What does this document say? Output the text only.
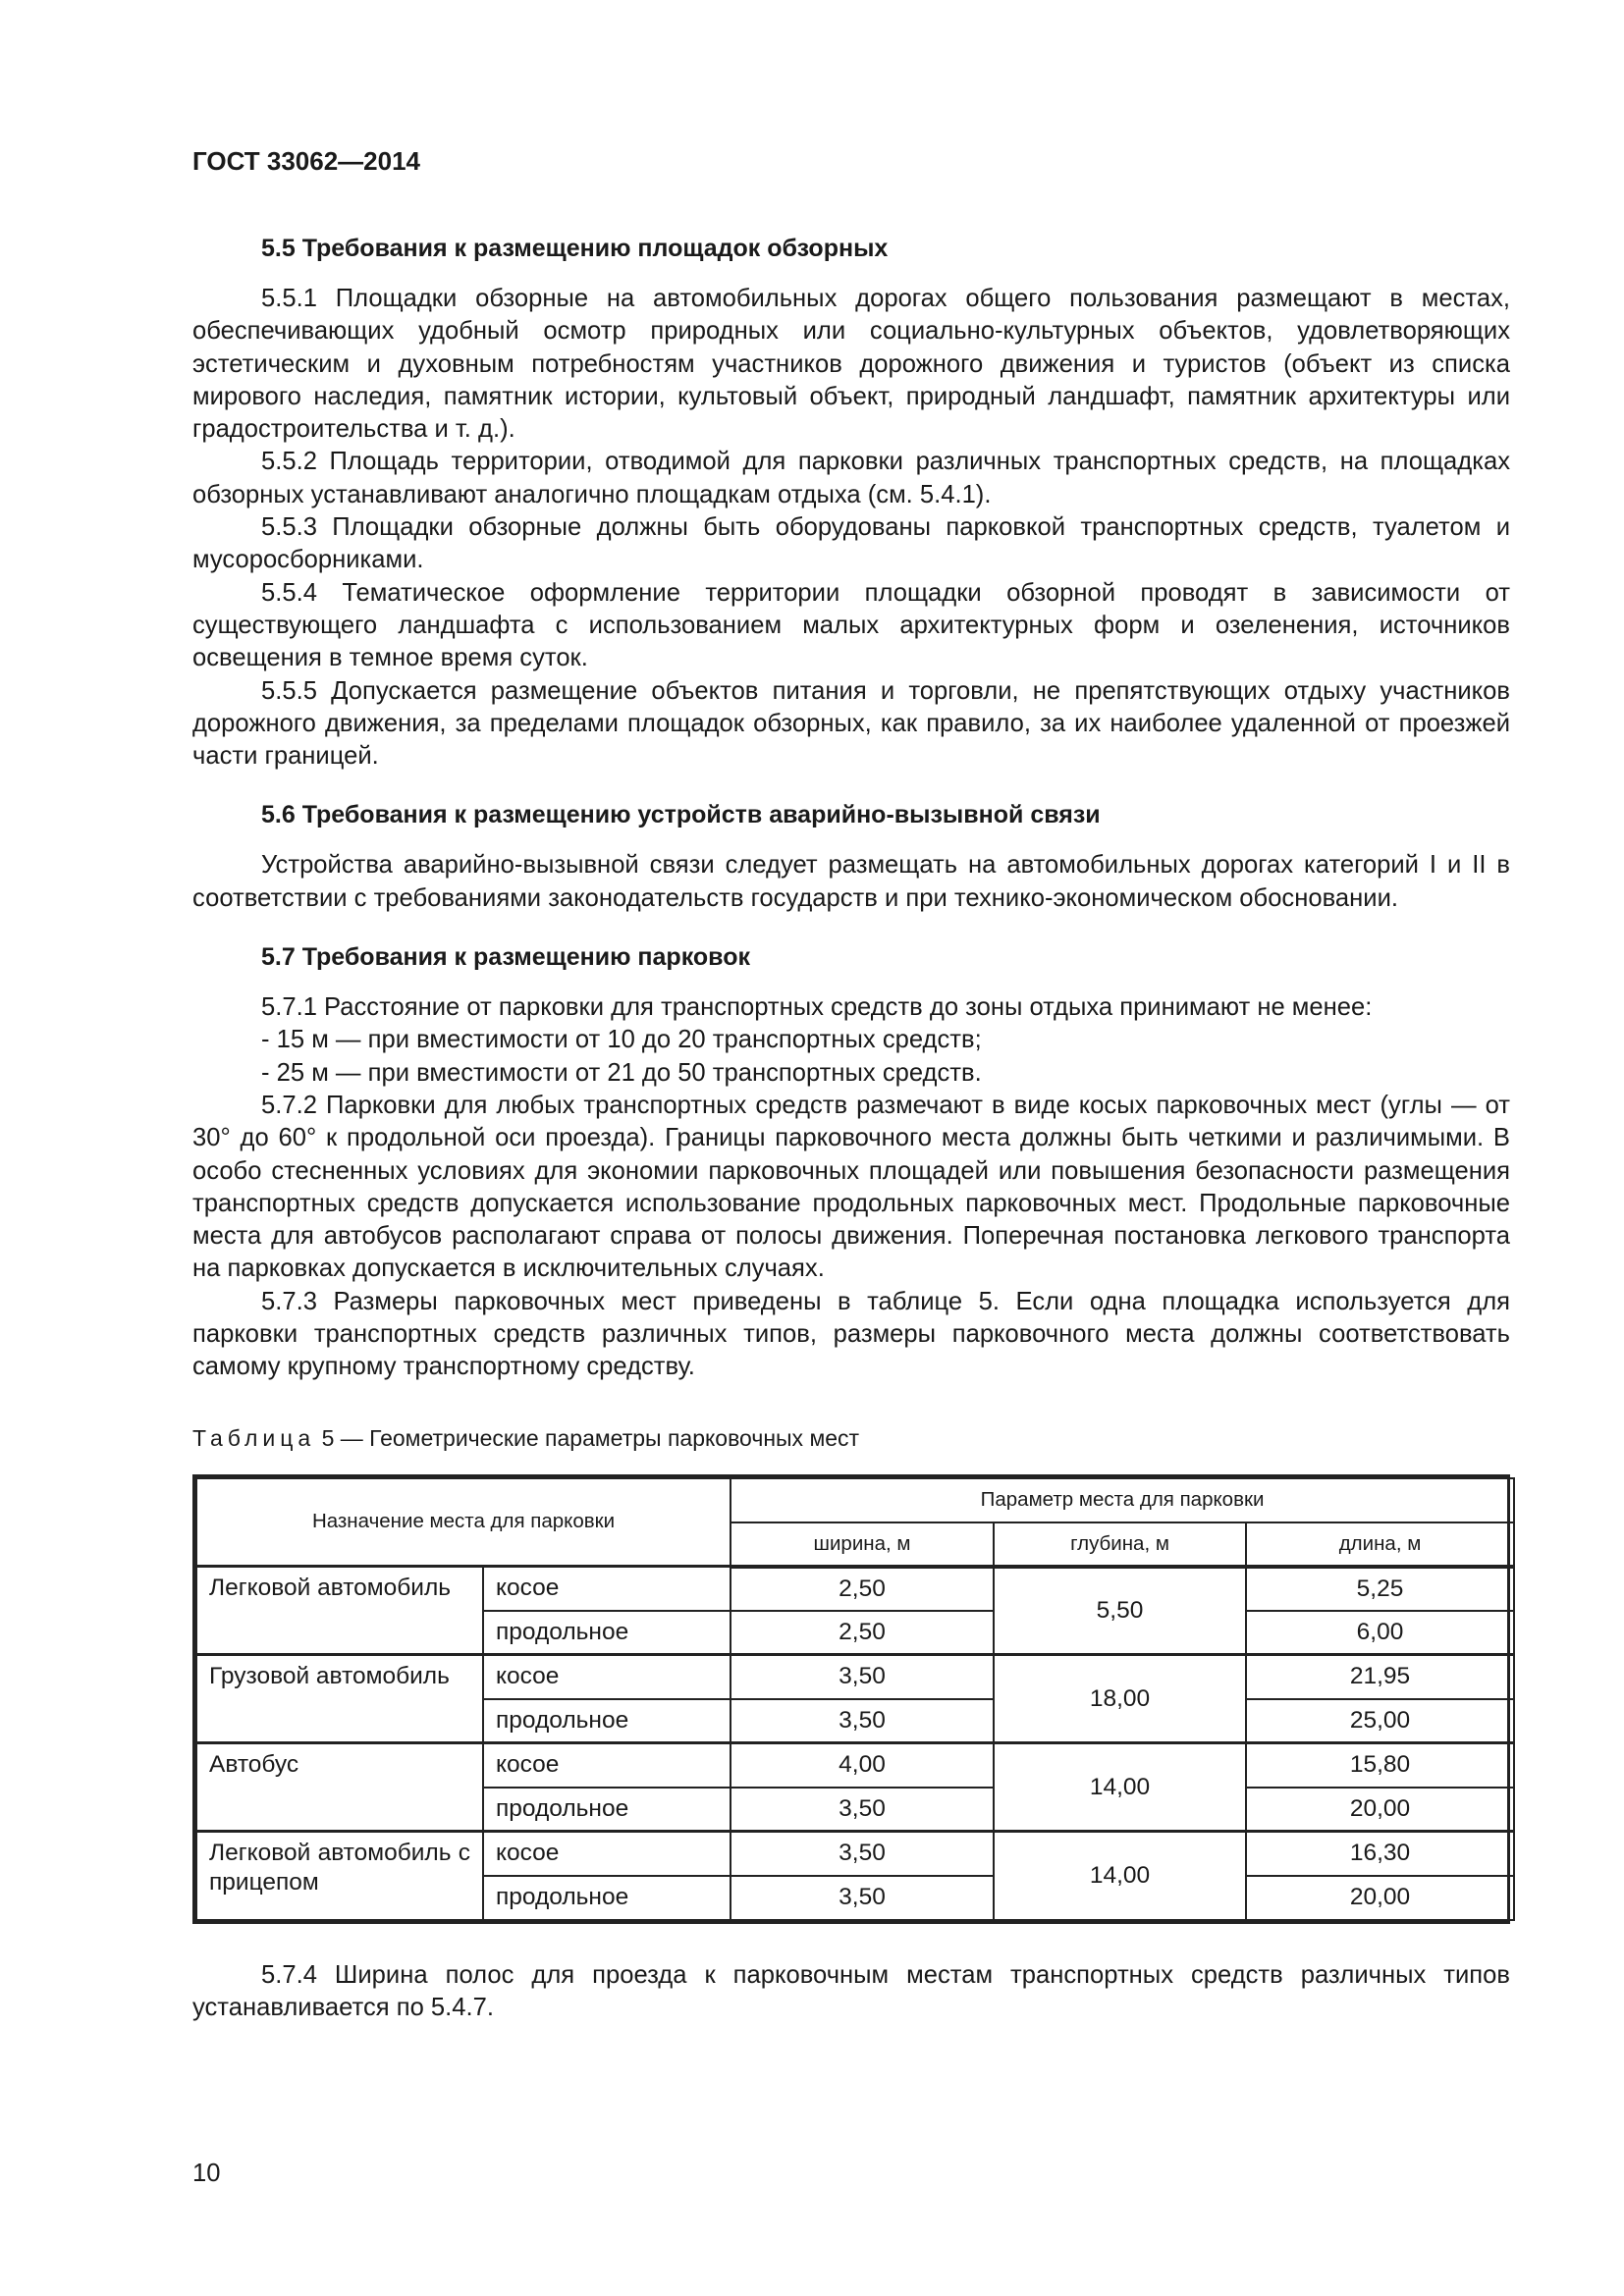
ГОСТ 33062—2014
5.5 Требования к размещению площадок обзорных

5.5.1 Площадки обзорные на автомобильных дорогах общего пользования размещают в местах, обеспечивающих удобный осмотр природных или социально-культурных объектов, удовлетворяющих эстетическим и духовным потребностям участников дорожного движения и туристов (объект из списка мирового наследия, памятник истории, культовый объект, природный ландшафт, памятник архитектуры или градостроительства и т. д.).

5.5.2 Площадь территории, отводимой для парковки различных транспортных средств, на площадках обзорных устанавливают аналогично площадкам отдыха (см. 5.4.1).

5.5.3 Площадки обзорные должны быть оборудованы парковкой транспортных средств, туалетом и мусоросборниками.

5.5.4 Тематическое оформление территории площадки обзорной проводят в зависимости от существующего ландшафта с использованием малых архитектурных форм и озеленения, источников освещения в темное время суток.

5.5.5 Допускается размещение объектов питания и торговли, не препятствующих отдыху участников дорожного движения, за пределами площадок обзорных, как правило, за их наиболее удаленной от проезжей части границей.

5.6 Требования к размещению устройств аварийно-вызывной связи

Устройства аварийно-вызывной связи следует размещать на автомобильных дорогах категорий I и II в соответствии с требованиями законодательств государств и при технико-экономическом обосновании.

5.7 Требования к размещению парковок

5.7.1 Расстояние от парковки для транспортных средств до зоны отдыха принимают не менее:

- 15 м — при вместимости от 10 до 20 транспортных средств;
- 25 м — при вместимости от 21 до 50 транспортных средств.

5.7.2 Парковки для любых транспортных средств размечают в виде косых парковочных мест (углы — от 30° до 60° к продольной оси проезда). Границы парковочного места должны быть четкими и различимыми. В особо стесненных условиях для экономии парковочных площадей или повышения безопасности размещения транспортных средств допускается использование продольных парковочных мест. Продольные парковочные места для автобусов располагают справа от полосы движения. Поперечная постановка легкового транспорта на парковках допускается в исключительных случаях.

5.7.3 Размеры парковочных мест приведены в таблице 5. Если одна площадка используется для парковки транспортных средств различных типов, размеры парковочного места должны соответствовать самому крупному транспортному средству.

Таблица 5 — Геометрические параметры парковочных мест
Назначение места для парковки		Параметр места для парковки		
		ширина, м	глубина, м	длина, м
Легковой автомобиль	косое	2,50	5,50	5,25
	продольное	2,50		6,00
Грузовой автомобиль	косое	3,50	18,00	21,95
	продольное	3,50		25,00
Автобус	косое	4,00	14,00	15,80
	продольное	3,50		20,00
Легковой автомобиль с прицепом	косое	3,50	14,00	16,30
	продольное	3,50		20,00

5.7.4 Ширина полос для проезда к парковочным местам транспортных средств различных типов устанавливается по 5.4.7.

10
